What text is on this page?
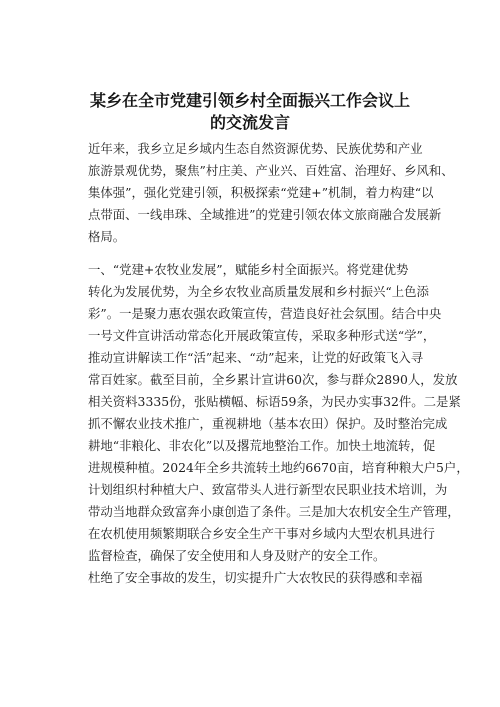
某乡在全市党建引领乡村全面振兴工作会议上
的交流发言
近年来，我乡立足乡域内生态自然资源优势、民族优势和产业
旅游景观优势，聚焦”村庄美、产业兴、百姓富、治理好、乡风和、
集体强”，强化党建引领，积极探索“党建+”机制，着力构建“以
点带面、一线串珠、全域推进”的党建引领农体文旅商融合发展新
格局。
一、“党建+农牧业发展”，赋能乡村全面振兴。将党建优势
转化为发展优势，为全乡农牧业高质量发展和乡村振兴“上色添
彩”。一是聚力惠农强农政策宣传，营造良好社会氛围。结合中央
一号文件宣讲活动常态化开展政策宣传，采取多种形式送“学”，
推动宣讲解读工作“活”起来、“动”起来，让党的好政策飞入寻
常百姓家。截至目前，全乡累计宣讲60次，参与群众2890人，发放
相关资料3335份，张贴横幅、标语59条，为民办实事32件。二是紧
抓不懈农业技术推广，重视耕地（基本农田）保护。及时整治完成
耕地“非粮化、非农化”以及撂荒地整治工作。加快土地流转，促
进规模种植。2024年全乡共流转土地约6670亩，培育种粮大户5户，
计划组织村种植大户、致富带头人进行新型农民职业技术培训，为
带动当地群众致富奔小康创造了条件。三是加大农机安全生产管理，
在农机使用频繁期联合乡安全生产干事对乡域内大型农机具进行
监督检查，确保了安全使用和人身及财产的安全工作。
杜绝了安全事故的发生，切实提升广大农牧民的获得感和幸福
